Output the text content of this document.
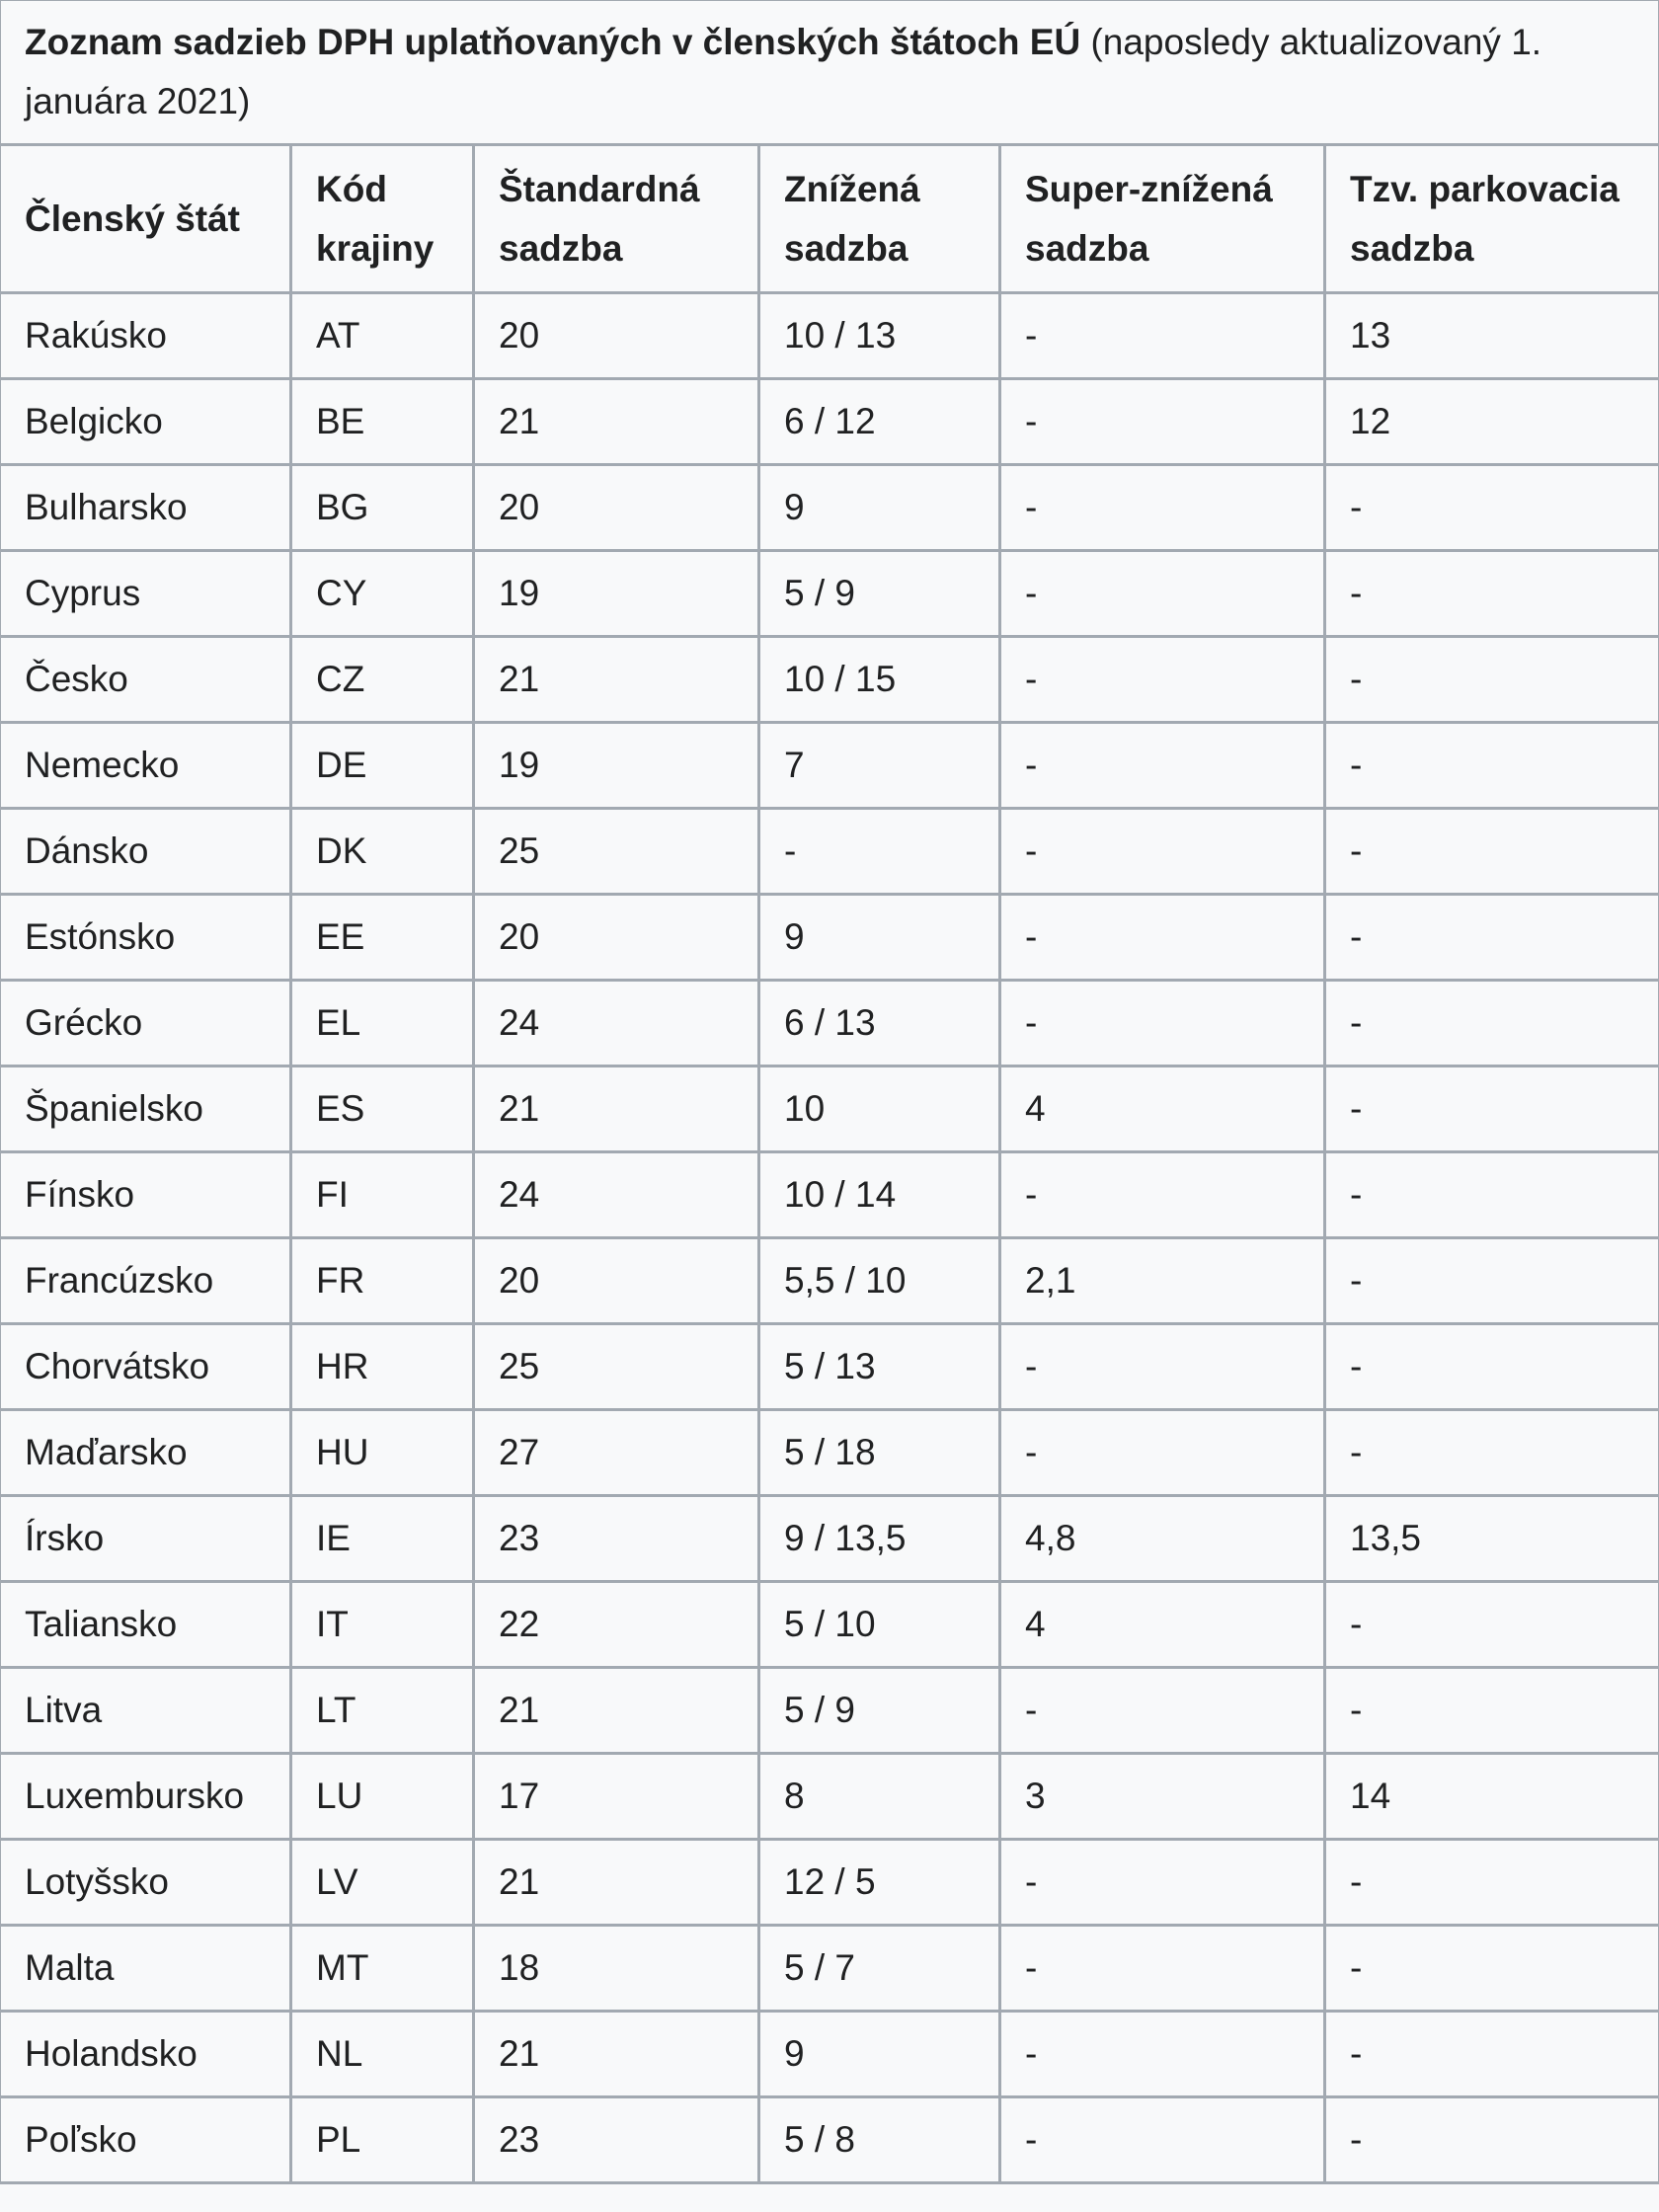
Zoznam sadzieb DPH uplatňovaných v členských štátoch EÚ (naposledy aktualizovaný 1. januára 2021)					
Členský štát	Kód krajiny	Štandardná sadzba	Znížená sadzba	Super-znížená sadzba	Tzv. parkovacia sadzba
Rakúsko	AT	20	10 / 13	-	13
Belgicko	BE	21	6 / 12	-	12
Bulharsko	BG	20	9	-	-
Cyprus	CY	19	5 / 9	-	-
Česko	CZ	21	10 / 15	-	-
Nemecko	DE	19	7	-	-
Dánsko	DK	25	-	-	-
Estónsko	EE	20	9	-	-
Grécko	EL	24	6 / 13	-	-
Španielsko	ES	21	10	4	-
Fínsko	FI	24	10 / 14	-	-
Francúzsko	FR	20	5,5 / 10	2,1	-
Chorvátsko	HR	25	5 / 13	-	-
Maďarsko	HU	27	5 / 18	-	-
Írsko	IE	23	9 / 13,5	4,8	13,5
Taliansko	IT	22	5 / 10	4	-
Litva	LT	21	5 / 9	-	-
Luxembursko	LU	17	8	3	14
Lotyšsko	LV	21	12 / 5	-	-
Malta	MT	18	5 / 7	-	-
Holandsko	NL	21	9	-	-
Poľsko	PL	23	5 / 8	-	-
